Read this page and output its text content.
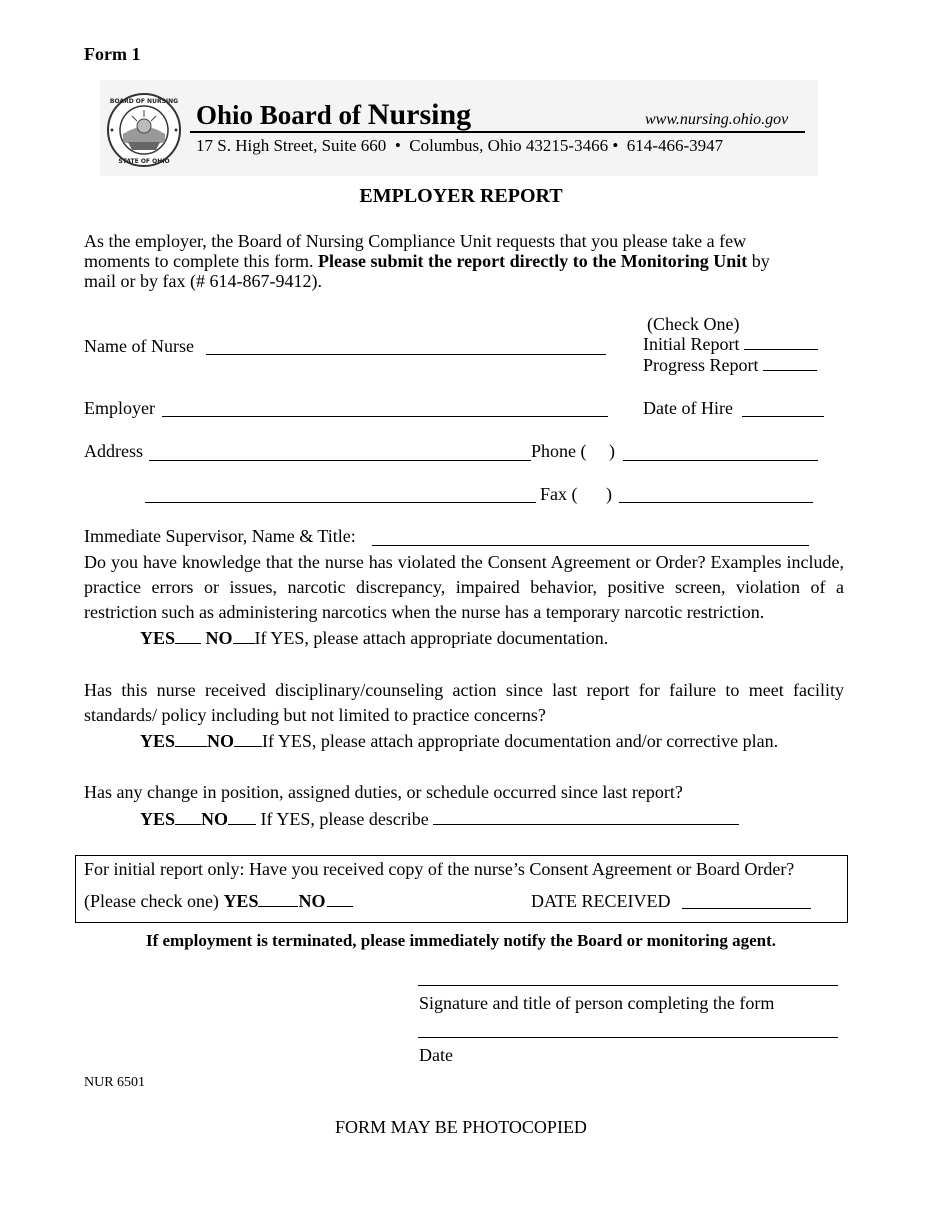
Form 1
BOARD OF NURSING
STATE OF OHIO
Ohio Board of Nursing	www.nursing.ohio.gov
17 S. High Street, Suite 660  •  Columbus, Ohio 43215-3466 •  614-466-3947
EMPLOYER REPORT
As the employer, the Board of Nursing Compliance Unit requests that you please take a few moments to complete this form. Please submit the report directly to the Monitoring Unit by mail or by fax (# 614-867-9412).
(Check One)
Initial Report
Progress Report
Name of Nurse
Employer	Date of Hire
Address	Phone ( )
Fax ( )
Immediate Supervisor, Name & Title:
Do you have knowledge that the nurse has violated the Consent Agreement or Order? Examples include, practice errors or issues, narcotic discrepancy, impaired behavior, positive screen, violation of a restriction such as administering narcotics when the nurse has a temporary narcotic restriction.
YES NO If YES, please attach appropriate documentation.
Has this nurse received disciplinary/counseling action since last report for failure to meet facility standards/ policy including but not limited to practice concerns?
YES NO If YES, please attach appropriate documentation and/or corrective plan.
Has any change in position, assigned duties, or schedule occurred since last report?
YES NO If YES, please describe
For initial report only: Have you received copy of the nurse’s Consent Agreement or Board Order?
(Please check one) YES NO	DATE RECEIVED
If employment is terminated, please immediately notify the Board or monitoring agent.
Signature and title of person completing the form
Date
NUR 6501
FORM MAY BE PHOTOCOPIED
